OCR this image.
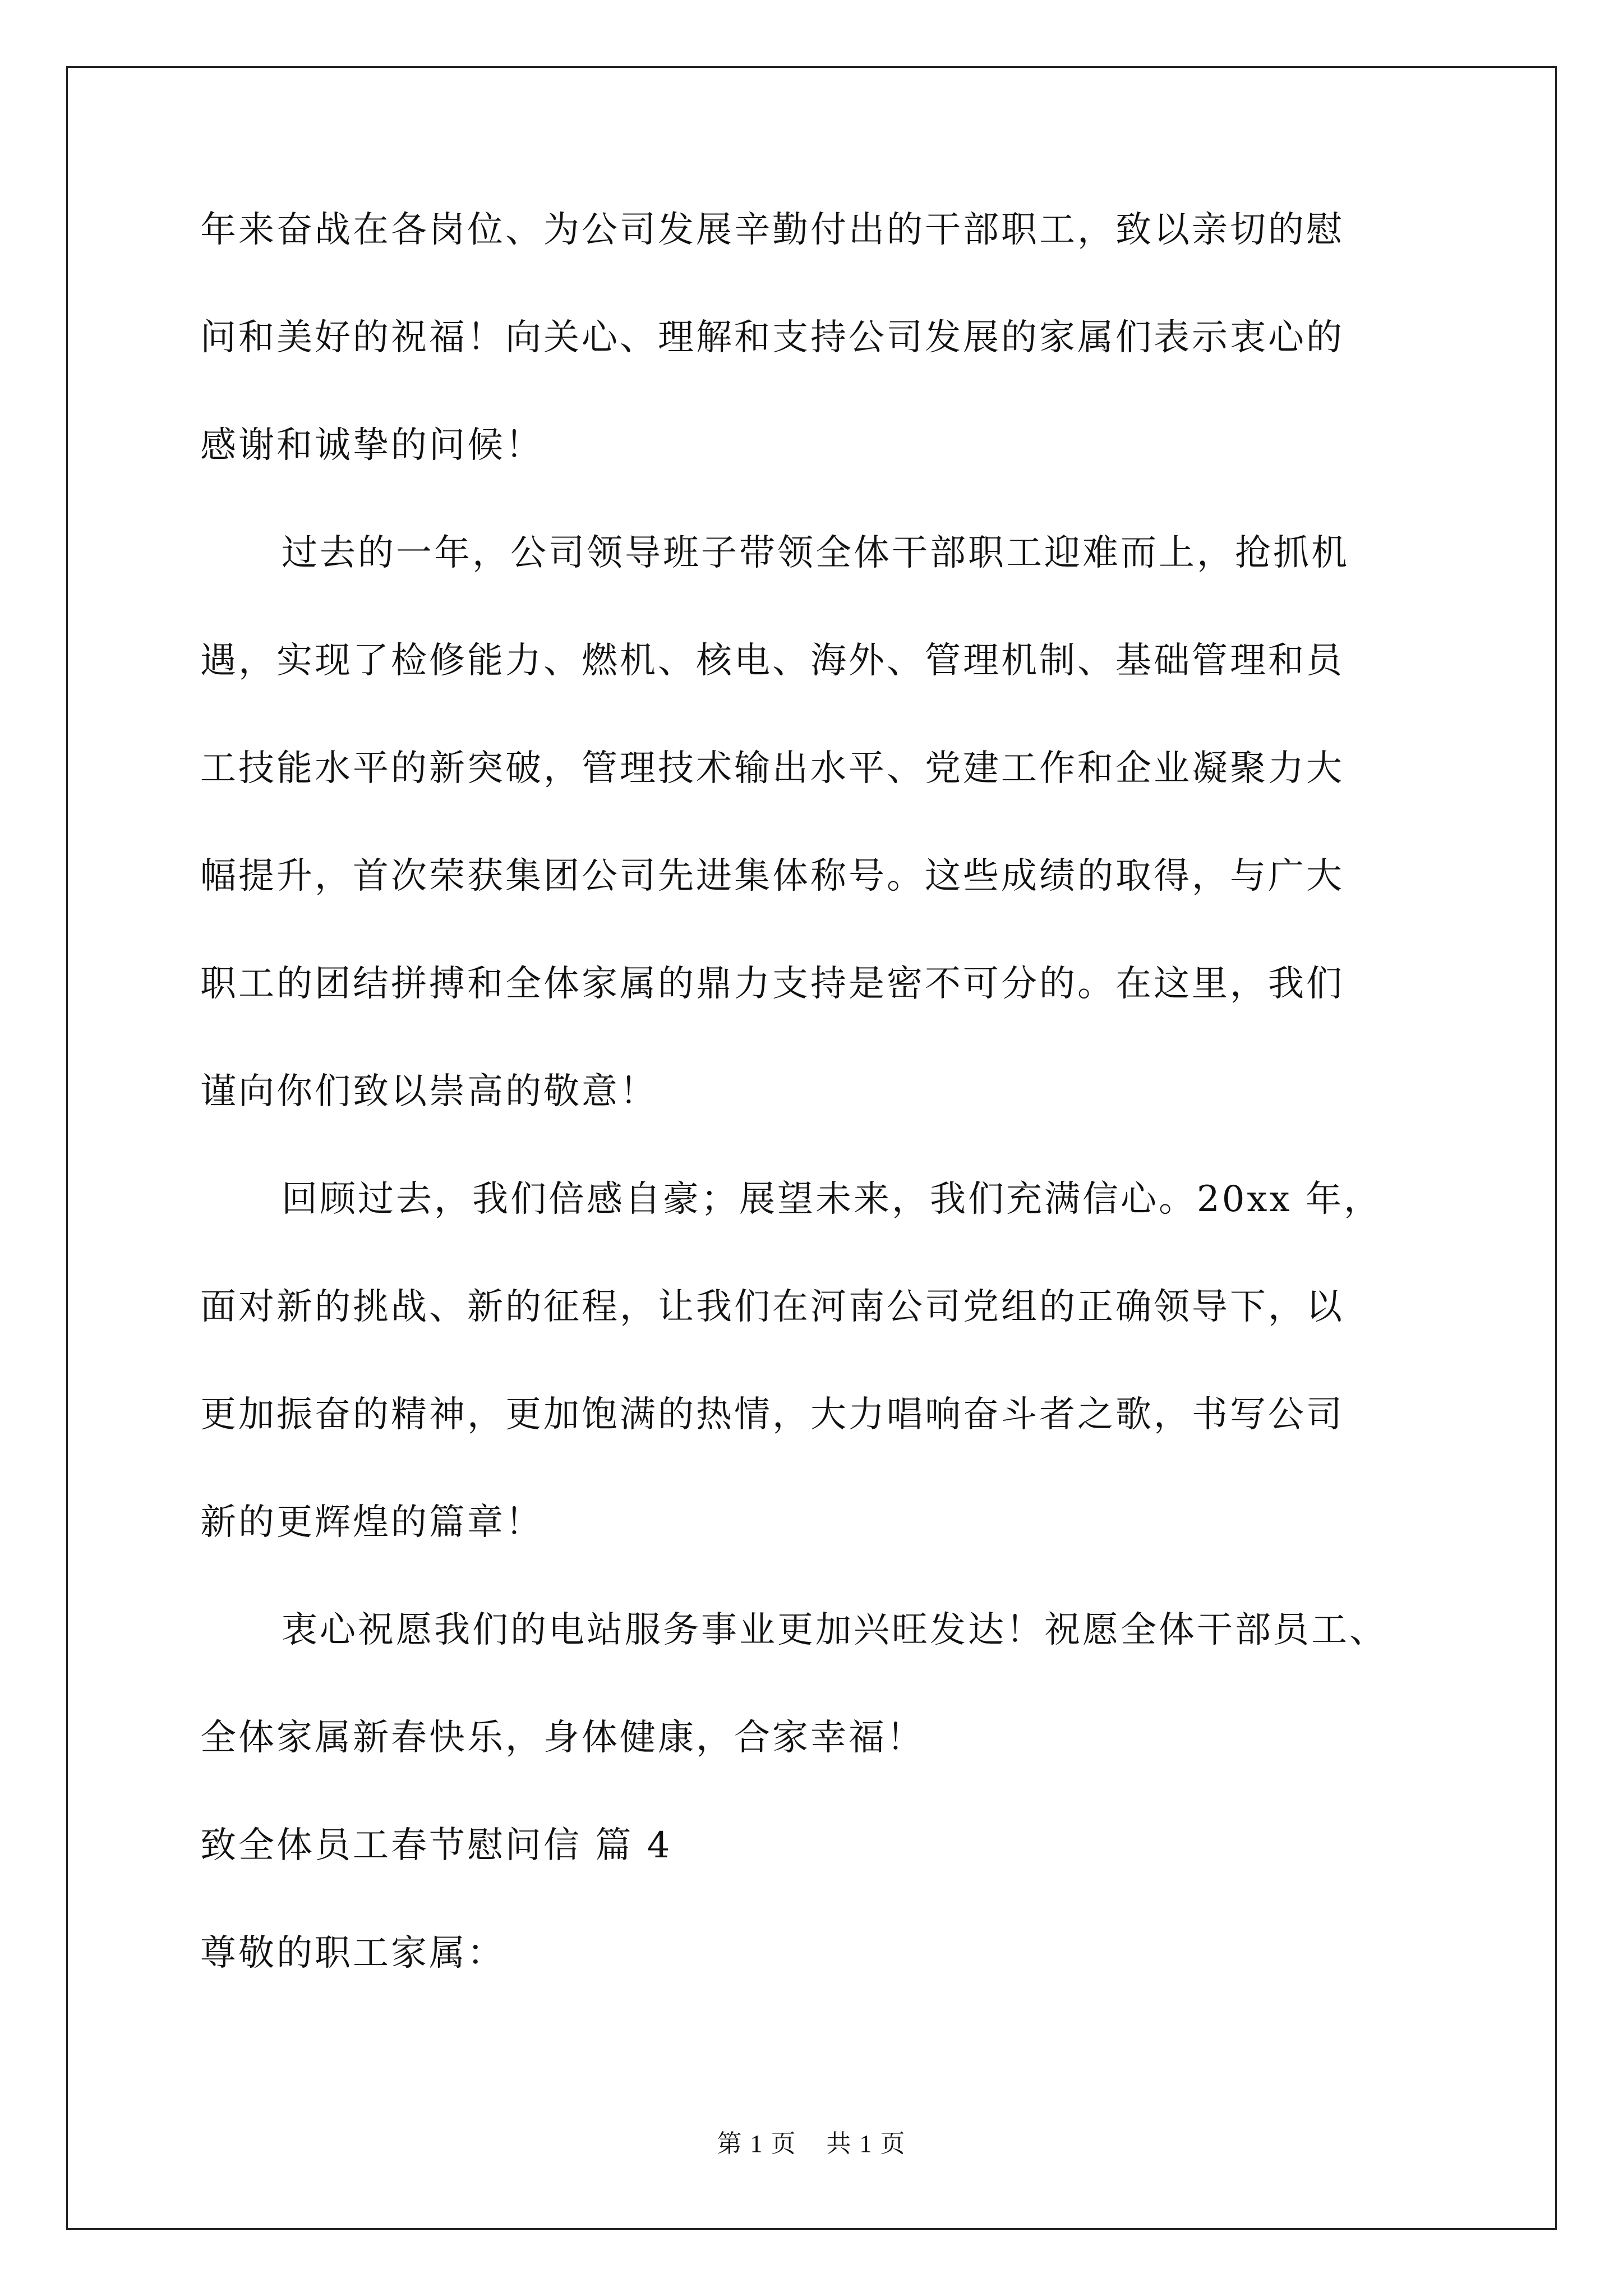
年来奋战在各岗位、为公司发展辛勤付出的干部职工，致以亲切的慰
问和美好的祝福！向关心、理解和支持公司发展的家属们表示衷心的
感谢和诚挚的问候！
过去的一年，公司领导班子带领全体干部职工迎难而上，抢抓机
遇，实现了检修能力、燃机、核电、海外、管理机制、基础管理和员
工技能水平的新突破，管理技术输出水平、党建工作和企业凝聚力大
幅提升，首次荣获集团公司先进集体称号。这些成绩的取得，与广大
职工的团结拼搏和全体家属的鼎力支持是密不可分的。在这里，我们
谨向你们致以崇高的敬意！
回顾过去，我们倍感自豪；展望未来，我们充满信心。20xx 年，
面对新的挑战、新的征程，让我们在河南公司党组的正确领导下，以
更加振奋的精神，更加饱满的热情，大力唱响奋斗者之歌，书写公司
新的更辉煌的篇章！
衷心祝愿我们的电站服务事业更加兴旺发达！祝愿全体干部员工、
全体家属新春快乐，身体健康，合家幸福！
致全体员工春节慰问信 篇 4
尊敬的职工家属：
第 1 页 共 1 页
